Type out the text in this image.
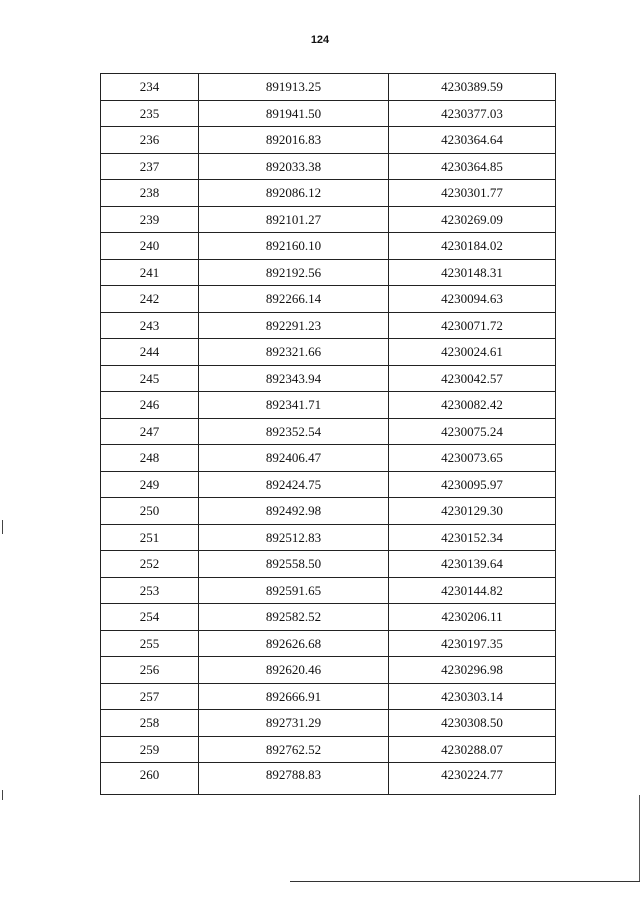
124
234	891913.25	4230389.59
235	891941.50	4230377.03
236	892016.83	4230364.64
237	892033.38	4230364.85
238	892086.12	4230301.77
239	892101.27	4230269.09
240	892160.10	4230184.02
241	892192.56	4230148.31
242	892266.14	4230094.63
243	892291.23	4230071.72
244	892321.66	4230024.61
245	892343.94	4230042.57
246	892341.71	4230082.42
247	892352.54	4230075.24
248	892406.47	4230073.65
249	892424.75	4230095.97
250	892492.98	4230129.30
251	892512.83	4230152.34
252	892558.50	4230139.64
253	892591.65	4230144.82
254	892582.52	4230206.11
255	892626.68	4230197.35
256	892620.46	4230296.98
257	892666.91	4230303.14
258	892731.29	4230308.50
259	892762.52	4230288.07
260	892788.83	4230224.77
